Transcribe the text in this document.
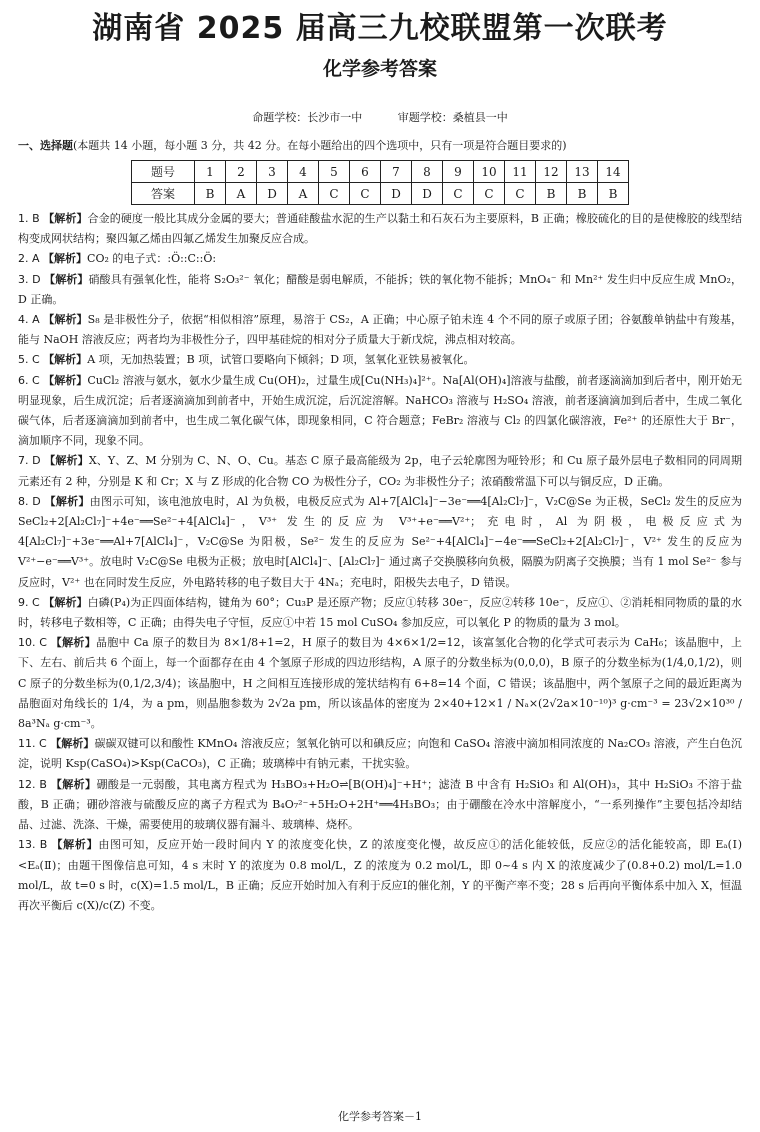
湖南省 2025 届高三九校联盟第一次联考
化学参考答案
命题学校：长沙市一中	审题学校：桑植县一中
一、选择题(本题共 14 小题，每小题 3 分，共 42 分。在每小题给出的四个选项中，只有一项是符合题目要求的)
题号	1	2	3	4	5	6	7	8	9	10	11	12	13	14
答案	B	A	D	A	C	C	D	D	C	C	C	B	B	B

1. B 【解析】合金的硬度一般比其成分金属的要大；普通硅酸盐水泥的生产以黏土和石灰石为主要原料，B 正确；橡胶硫化的目的是使橡胶的线型结构变成网状结构；聚四氟乙烯由四氟乙烯发生加聚反应合成。

2. A 【解析】CO₂ 的电子式：:Ö::C::Ö:

3. D 【解析】硝酸具有强氧化性，能将 S₂O₃²⁻ 氧化；醋酸是弱电解质，不能拆；铁的氧化物不能拆；MnO₄⁻ 和 Mn²⁺ 发生归中反应生成 MnO₂，D 正确。

4. A 【解析】S₈ 是非极性分子，依据“相似相溶”原理，易溶于 CS₂，A 正确；中心原子铂未连 4 个不同的原子或原子团；谷氨酸单钠盐中有羧基，能与 NaOH 溶液反应；两者均为非极性分子，四甲基硅烷的相对分子质量大于新戊烷，沸点相对较高。

5. C 【解析】A 项，无加热装置；B 项，试管口要略向下倾斜；D 项，氢氧化亚铁易被氧化。

6. C 【解析】CuCl₂ 溶液与氨水，氨水少量生成 Cu(OH)₂，过量生成[Cu(NH₃)₄]²⁺。Na[Al(OH)₄]溶液与盐酸，前者逐滴滴加到后者中，刚开始无明显现象，后生成沉淀；后者逐滴滴加到前者中，开始生成沉淀，后沉淀溶解。NaHCO₃ 溶液与 H₂SO₄ 溶液，前者逐滴滴加到后者中，生成二氧化碳气体，后者逐滴滴加到前者中，也生成二氧化碳气体，即现象相同，C 符合题意；FeBr₂ 溶液与 Cl₂ 的四氯化碳溶液，Fe²⁺ 的还原性大于 Br⁻，滴加顺序不同，现象不同。

7. D 【解析】X、Y、Z、M 分别为 C、N、O、Cu。基态 C 原子最高能级为 2p，电子云轮廓图为哑铃形；和 Cu 原子最外层电子数相同的同周期元素还有 2 种，分别是 K 和 Cr；X 与 Z 形成的化合物 CO 为极性分子，CO₂ 为非极性分子；浓硝酸常温下可以与铜反应，D 正确。

8. D 【解析】由图示可知，该电池放电时，Al 为负极，电极反应式为 Al+7[AlCl₄]⁻−3e⁻══4[Al₂Cl₇]⁻，V₂C@Se 为正极，SeCl₂ 发生的反应为 SeCl₂+2[Al₂Cl₇]⁻+4e⁻══Se²⁻+4[AlCl₄]⁻，V³⁺ 发生的反应为 V³⁺+e⁻══V²⁺；充电时，Al 为阴极，电极反应式为 4[Al₂Cl₇]⁻+3e⁻══Al+7[AlCl₄]⁻，V₂C@Se 为阳极，Se²⁻ 发生的反应为 Se²⁻+4[AlCl₄]⁻−4e⁻══SeCl₂+2[Al₂Cl₇]⁻，V²⁺ 发生的反应为 V²⁺−e⁻══V³⁺。放电时 V₂C@Se 电极为正极；放电时[AlCl₄]⁻、[Al₂Cl₇]⁻ 通过离子交换膜移向负极，隔膜为阴离子交换膜；当有 1 mol Se²⁻ 参与反应时，V²⁺ 也在同时发生反应，外电路转移的电子数目大于 4Nₐ；充电时，阳极失去电子，D 错误。

9. C 【解析】白磷(P₄)为正四面体结构，键角为 60°；Cu₃P 是还原产物；反应①转移 30e⁻，反应②转移 10e⁻，反应①、②消耗相同物质的量的水时，转移电子数相等，C 正确；由得失电子守恒，反应①中若 15 mol CuSO₄ 参加反应，可以氧化 P 的物质的量为 3 mol。

10. C 【解析】晶胞中 Ca 原子的数目为 8×1/8+1=2，H 原子的数目为 4×6×1/2=12，该富氢化合物的化学式可表示为 CaH₆；该晶胞中，上下、左右、前后共 6 个面上，每一个面都存在由 4 个氢原子形成的四边形结构，A 原子的分数坐标为(0,0,0)，B 原子的分数坐标为(1/4,0,1/2)，则 C 原子的分数坐标为(0,1/2,3/4)；该晶胞中，H 之间相互连接形成的笼状结构有 6+8=14 个面，C 错误；该晶胞中，两个氢原子之间的最近距离为晶胞面对角线长的 1/4，为 a pm，则晶胞参数为 2√2a pm，所以该晶体的密度为 2×40+12×1 / Nₐ×(2√2a×10⁻¹⁰)³ g·cm⁻³ = 23√2×10³⁰ / 8a³Nₐ g·cm⁻³。

11. C 【解析】碳碳双键可以和酸性 KMnO₄ 溶液反应；氢氧化钠可以和碘反应；向饱和 CaSO₄ 溶液中滴加相同浓度的 Na₂CO₃ 溶液，产生白色沉淀，说明 Ksp(CaSO₄)>Ksp(CaCO₃)，C 正确；玻璃棒中有钠元素，干扰实验。

12. B 【解析】硼酸是一元弱酸，其电离方程式为 H₃BO₃+H₂O⇌[B(OH)₄]⁻+H⁺；滤渣 B 中含有 H₂SiO₃ 和 Al(OH)₃，其中 H₂SiO₃ 不溶于盐酸，B 正确；硼砂溶液与硫酸反应的离子方程式为 B₄O₇²⁻+5H₂O+2H⁺══4H₃BO₃；由于硼酸在冷水中溶解度小，“一系列操作”主要包括冷却结晶、过滤、洗涤、干燥，需要使用的玻璃仪器有漏斗、玻璃棒、烧杯。

13. B 【解析】由图可知，反应开始一段时间内 Y 的浓度变化快，Z 的浓度变化慢，故反应①的活化能较低，反应②的活化能较高，即 Eₐ(Ⅰ)<Eₐ(Ⅱ)；由题干图像信息可知，4 s 末时 Y 的浓度为 0.8 mol/L，Z 的浓度为 0.2 mol/L，即 0~4 s 内 X 的浓度减少了(0.8+0.2) mol/L=1.0 mol/L，故 t=0 s 时，c(X)=1.5 mol/L，B 正确；反应开始时加入有利于反应Ⅰ的催化剂，Y 的平衡产率不变；28 s 后再向平衡体系中加入 X，恒温再次平衡后 c(X)/c(Z) 不变。

化学参考答案－1
